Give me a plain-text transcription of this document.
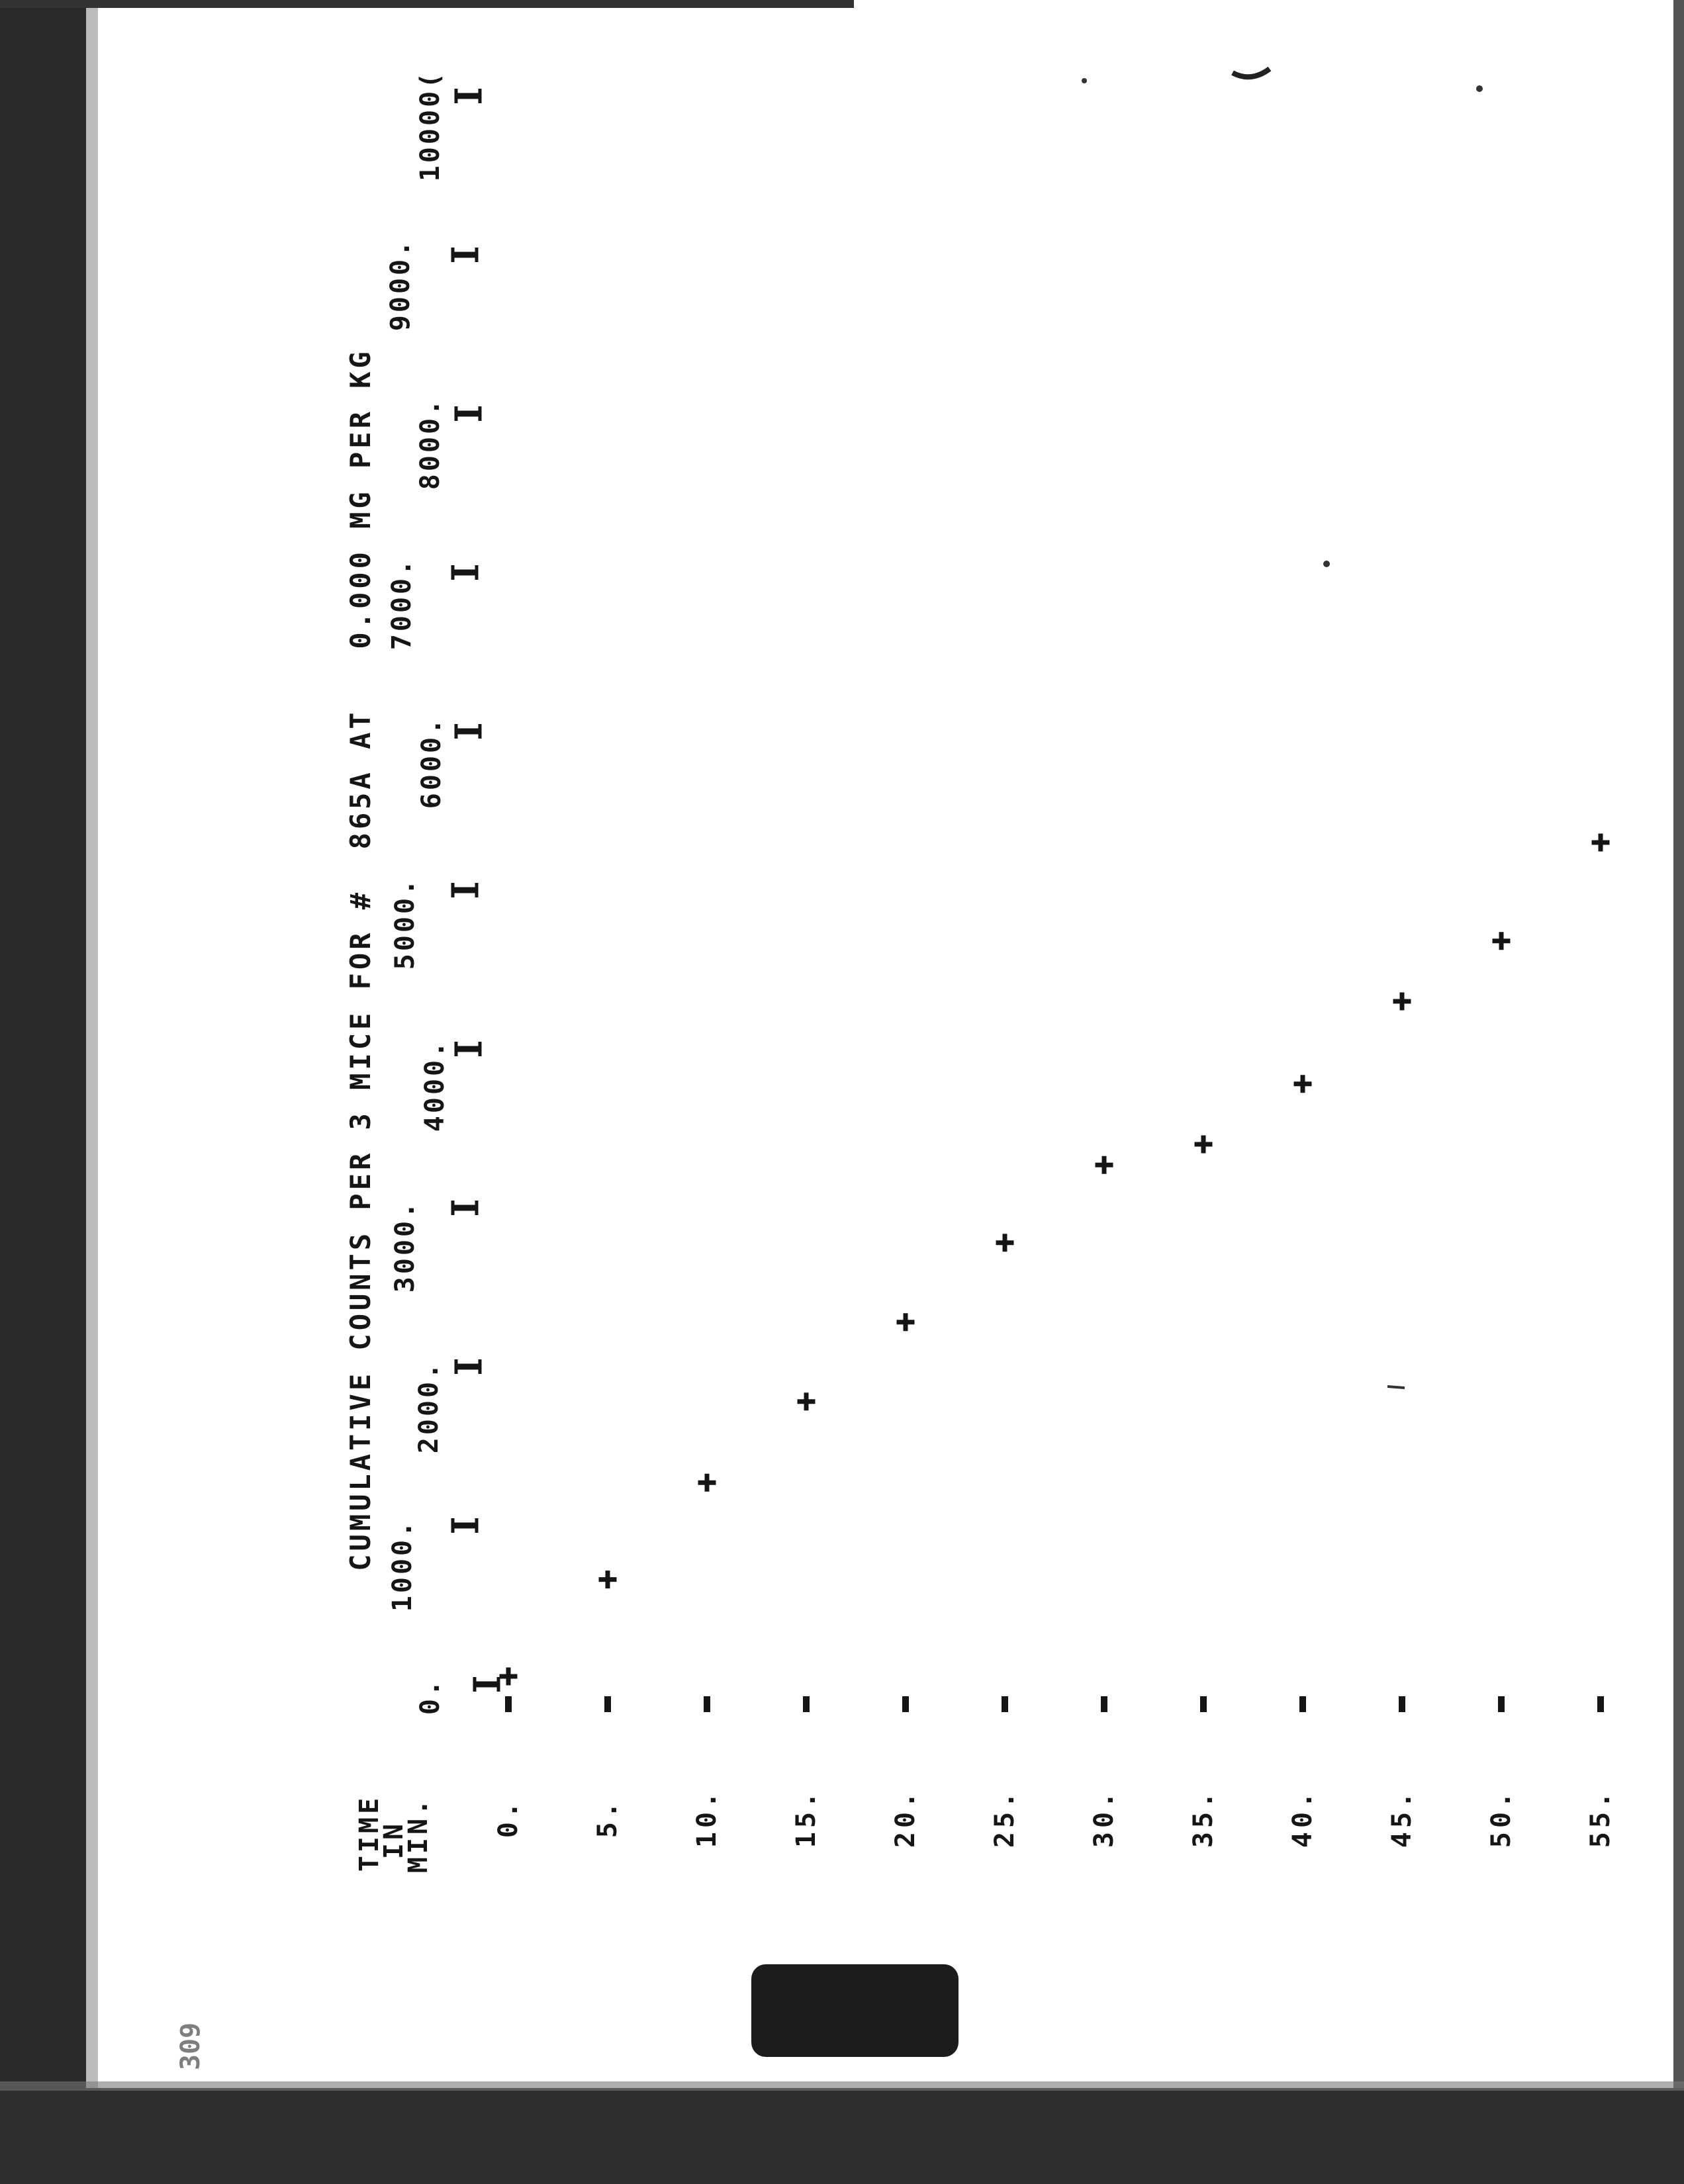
CUMULATIVE COUNTS PER 3 MICE FOR #  865A AT   0.000 MG PER KG
TIME
IN
MIN.
0.
1000.
2000.
3000.
4000.
5000.
6000.
7000.
8000.
9000.
10000(
0.	5.	10.	15.	20.	25.	30.	35.	40.	45.	50.	55.
309
